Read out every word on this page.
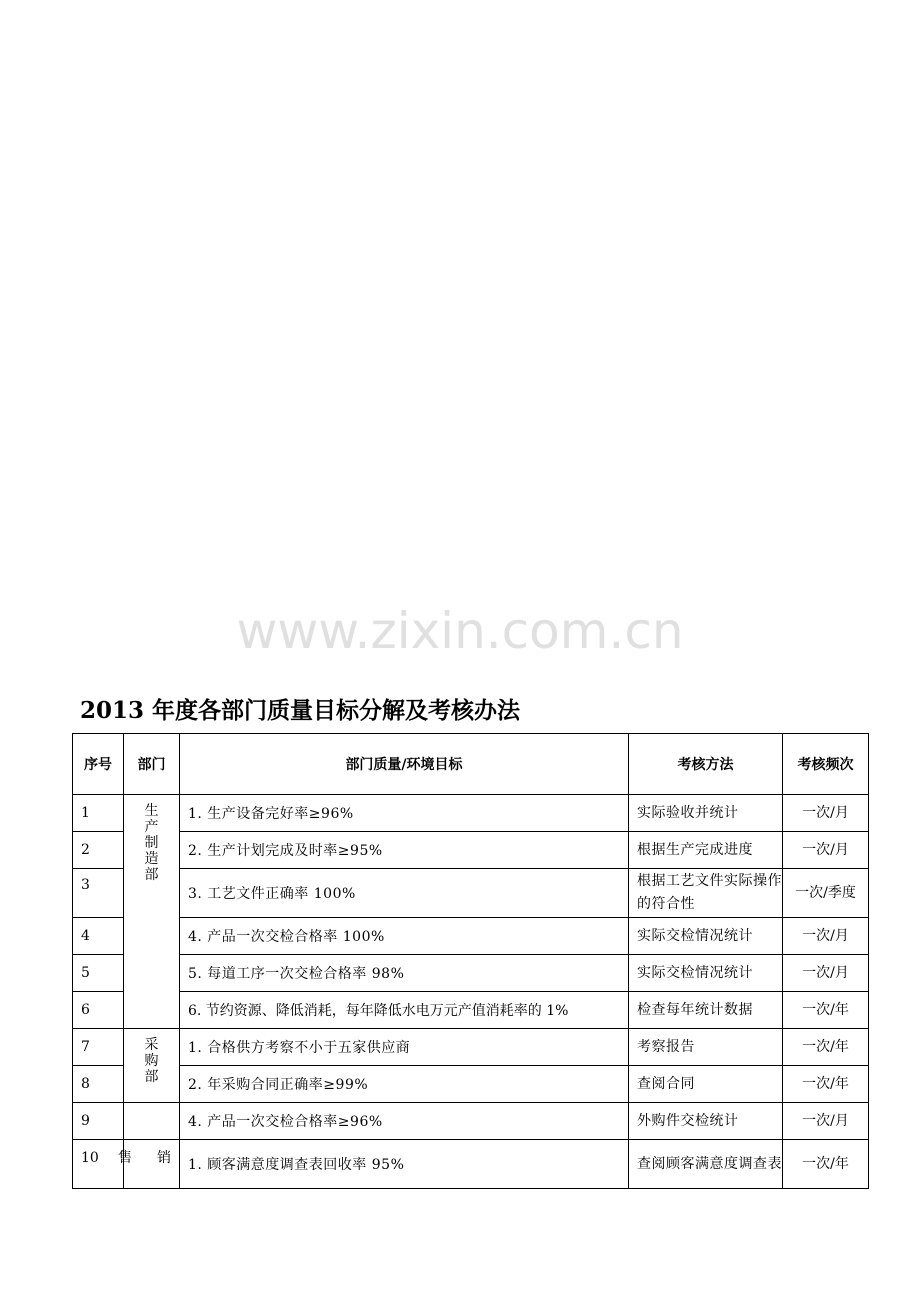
www.zixin.com.cn
2013 年度各部门质量目标分解及考核办法
序号	部门	部门质量/环境目标	考核方法	考核频次
1	生产制造部	1. 生产设备完好率≥96%	实际验收并统计	一次/月
2		2. 生产计划完成及时率≥95%	根据生产完成进度	一次/月
3		3. 工艺文件正确率 100%	根据工艺文件实际操作的符合性	一次/季度
4		4. 产品一次交检合格率 100%	实际交检情况统计	一次/月
5		5. 每道工序一次交检合格率 98%	实际交检情况统计	一次/月
6		6. 节约资源、降低消耗，每年降低水电万元产值消耗率的 1%	检查每年统计数据	一次/年
7	采购部	1. 合格供方考察不小于五家供应商	考察报告	一次/年
8		2. 年采购合同正确率≥99%	查阅合同	一次/年
9		4. 产品一次交检合格率≥96%	外购件交检统计	一次/月
10	售 销	1. 顾客满意度调查表回收率 95%	查阅顾客满意度调查表	一次/年
